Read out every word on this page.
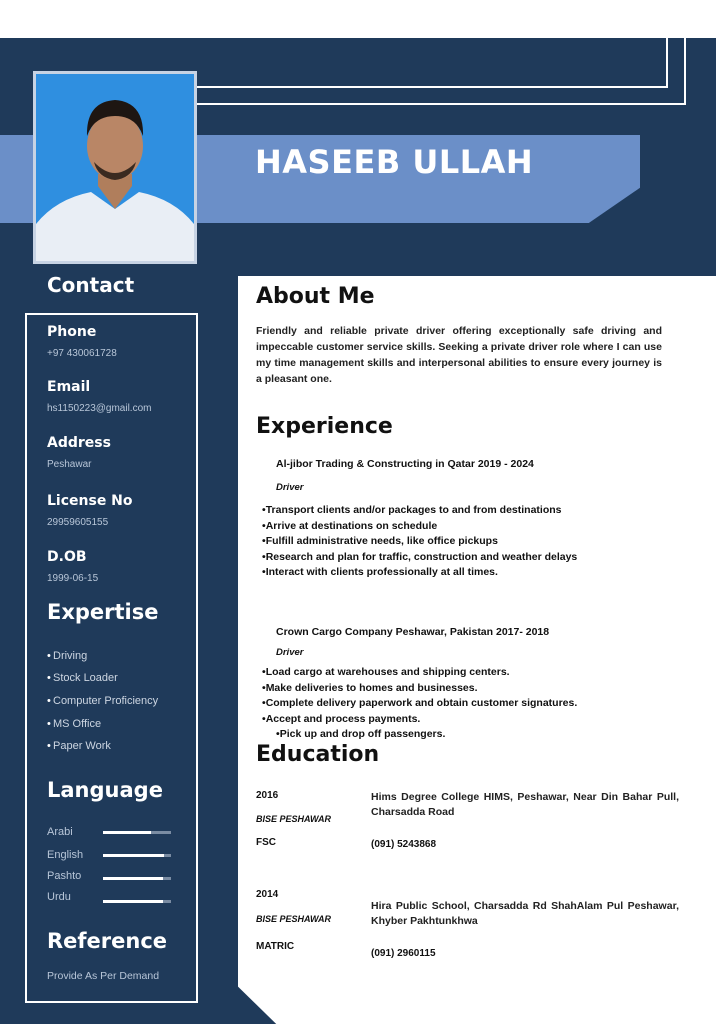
HASEEB ULLAH
Contact
Phone
+97 430061728
Email
hs1150223@gmail.com
Address
Peshawar
License No
29959605155
D.OB
1999-06-15
Expertise
• Driving
• Stock Loader
• Computer Proficiency
• MS Office
• Paper Work
Language
Arabi
English
Pashto
Urdu
Reference
Provide As Per Demand
About Me
Friendly and reliable private driver offering exceptionally safe driving and impeccable customer service skills. Seeking a private driver role where I can use my time management skills and interpersonal abilities to ensure every journey is a pleasant one.
Experience
Al-jibor Trading & Constructing in Qatar 2019 - 2024
Driver
• Transport clients and/or packages to and from destinations
• Arrive at destinations on schedule
• Fulfill administrative needs, like office pickups
• Research and plan for traffic, construction and weather delays
• Interact with clients professionally at all times.
Crown Cargo Company Peshawar, Pakistan 2017- 2018
Driver
• Load cargo at warehouses and shipping centers.
• Make deliveries to homes and businesses.
• Complete delivery paperwork and obtain customer signatures.
• Accept and process payments.
• Pick up and drop off passengers.
Education
2016
BISE PESHAWAR
FSC
Hims Degree College HIMS, Peshawar, Near Din Bahar Pull, Charsadda Road
(091) 5243868
2014
BISE PESHAWAR
MATRIC
Hira Public School, Charsadda Rd ShahAlam Pul Peshawar, Khyber Pakhtunkhwa
(091) 2960115
